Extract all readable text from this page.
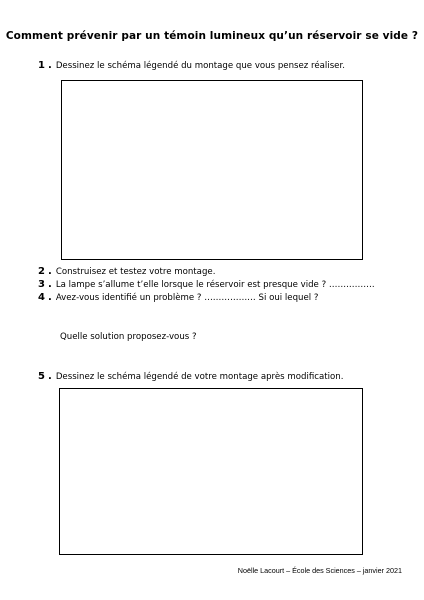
Comment prévenir par un témoin lumineux qu’un réservoir se vide ?
1 . Dessinez le schéma légendé du montage que vous pensez réaliser.
2 . Construisez et testez votre montage.
3 . La lampe s’allume t’elle lorsque le réservoir est presque vide ? …………….
4 . Avez-vous identifié un problème ? ……………… Si oui lequel ?
Quelle solution proposez-vous ?
5 . Dessinez le schéma légendé de votre montage après modification.
Noëlle Lacourt – École des Sciences – janvier 2021
